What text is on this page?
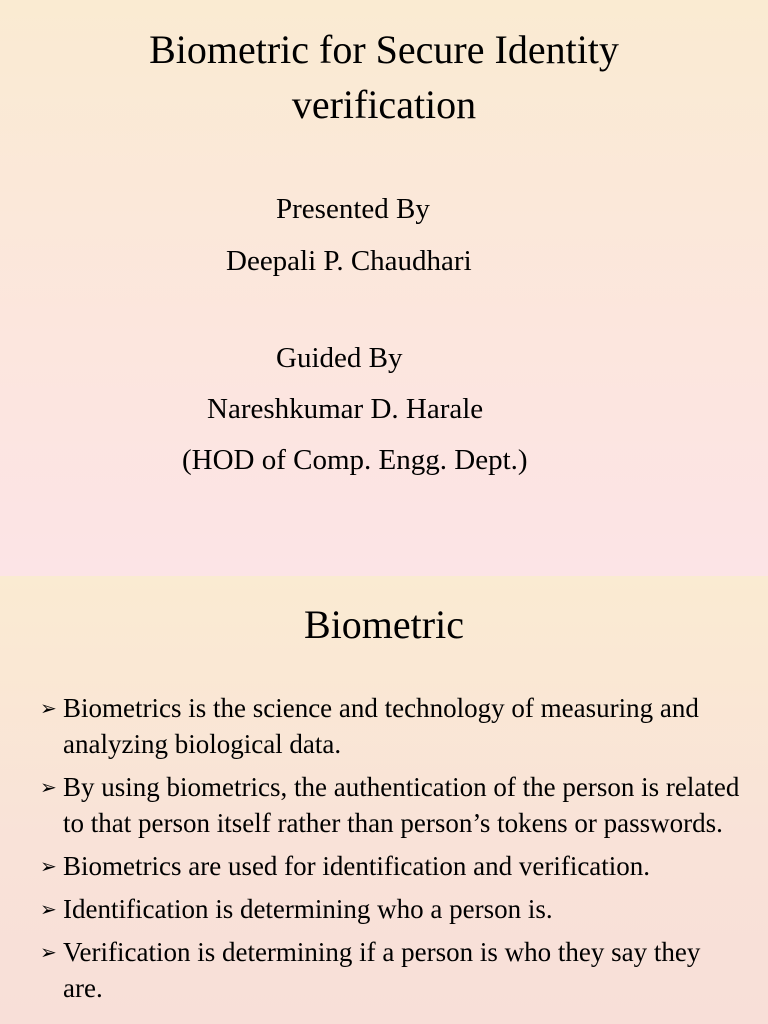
Biometric for Secure Identity
verification
Presented By
Deepali P. Chaudhari
Guided By
Nareshkumar D. Harale
(HOD of Comp. Engg. Dept.)
Biometric
➢ Biometrics is the science and technology of measuring and analyzing biological data.
➢ By using biometrics, the authentication of the person is related to that person itself rather than person’s tokens or passwords.
➢ Biometrics are used for identification and verification.
➢ Identification is determining who a person is.
➢ Verification is determining if a person is who they say they are.
